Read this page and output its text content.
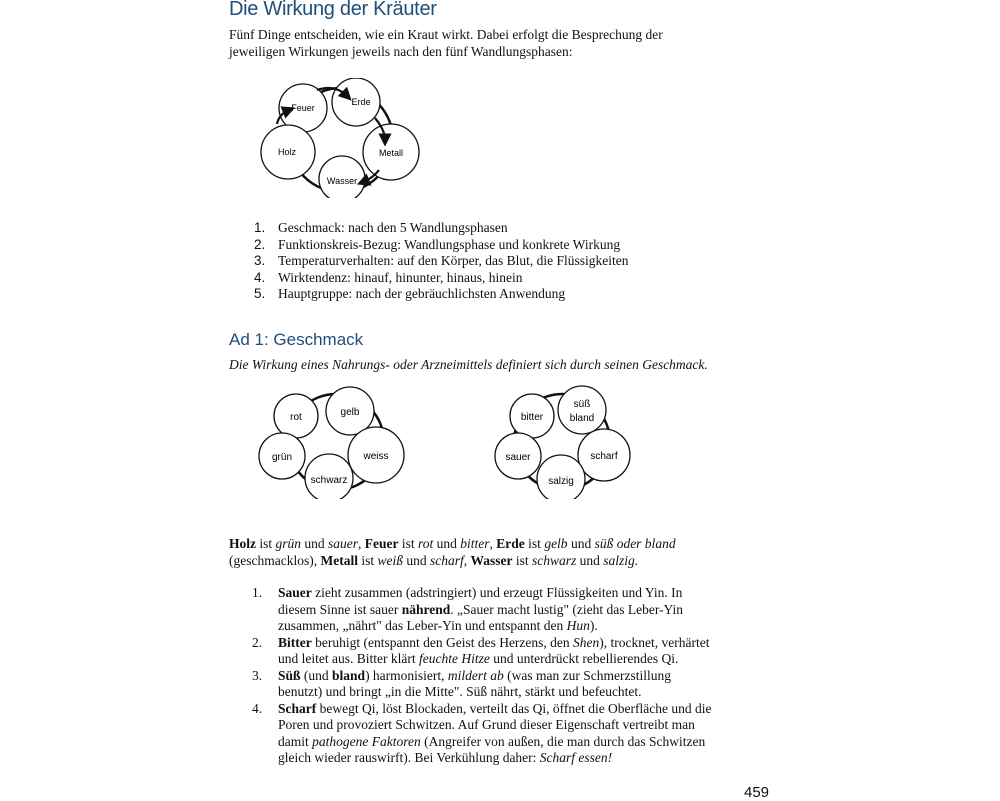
Die Wirkung der Kräuter
Fünf Dinge entscheiden, wie ein Kraut wirkt. Dabei erfolgt die Besprechung der
jeweiligen Wirkungen jeweils nach den fünf Wandlungsphasen:
Feuer
Erde
Metall
Wasser
Holz
1. Geschmack: nach den 5 Wandlungsphasen
2. Funktionskreis-Bezug: Wandlungsphase und konkrete Wirkung
3. Temperaturverhalten: auf den Körper, das Blut, die Flüssigkeiten
4. Wirktendenz: hinauf, hinunter, hinaus, hinein
5. Hauptgruppe: nach der gebräuchlichsten Anwendung
Ad 1: Geschmack
Die Wirkung eines Nahrungs- oder Arzneimittels definiert sich durch seinen Geschmack.
rot	gelb
weiss
schwarz
grün
bitter
süß
bland
scharf
salzig
sauer
Holz ist grün und sauer, Feuer ist rot und bitter, Erde ist gelb und süß oder bland
(geschmacklos), Metall ist weiß und scharf, Wasser ist schwarz und salzig.
1. Sauer zieht zusammen (adstringiert) und erzeugt Flüssigkeiten und Yin. In
diesem Sinne ist sauer nährend. „Sauer macht lustig" (zieht das Leber-Yin
zusammen, „nährt" das Leber-Yin und entspannt den Hun).
2. Bitter beruhigt (entspannt den Geist des Herzens, den Shen), trocknet, verhärtet
und leitet aus. Bitter klärt feuchte Hitze und unterdrückt rebellierendes Qi.
3. Süß (und bland) harmonisiert, mildert ab (was man zur Schmerzstillung
benutzt) und bringt „in die Mitte". Süß nährt, stärkt und befeuchtet.
4. Scharf bewegt Qi, löst Blockaden, verteilt das Qi, öffnet die Oberfläche und die
Poren und provoziert Schwitzen. Auf Grund dieser Eigenschaft vertreibt man
damit pathogene Faktoren (Angreifer von außen, die man durch das Schwitzen
gleich wieder rauswirft). Bei Verkühlung daher: Scharf essen!
459
